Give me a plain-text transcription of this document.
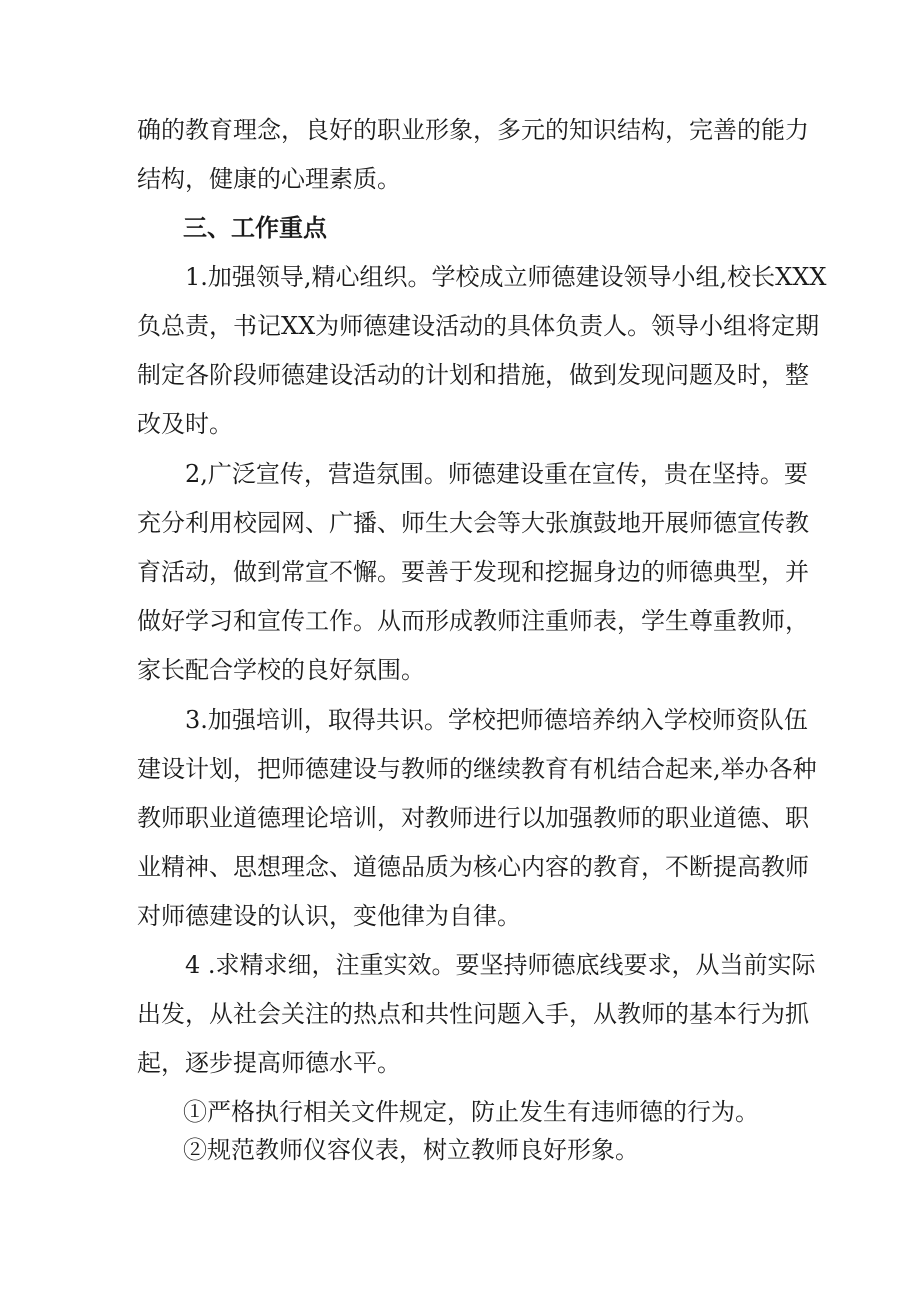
确的教育理念，良好的职业形象，多元的知识结构，完善的能力
结构，健康的心理素质。
三、工作重点
1.加强领导,精心组织。学校成立师德建设领导小组,校长XXX
负总责，书记XX为师德建设活动的具体负责人。领导小组将定期
制定各阶段师德建设活动的计划和措施，做到发现问题及时，整
改及时。
2,广泛宣传，营造氛围。师德建设重在宣传，贵在坚持。要
充分利用校园网、广播、师生大会等大张旗鼓地开展师德宣传教
育活动，做到常宣不懈。要善于发现和挖掘身边的师德典型，并
做好学习和宣传工作。从而形成教师注重师表，学生尊重教师，
家长配合学校的良好氛围。
3.加强培训，取得共识。学校把师德培养纳入学校师资队伍
建设计划，把师德建设与教师的继续教育有机结合起来,举办各种
教师职业道德理论培训，对教师进行以加强教师的职业道德、职
业精神、思想理念、道德品质为核心内容的教育，不断提高教师
对师德建设的认识，变他律为自律。
4 .求精求细，注重实效。要坚持师德底线要求，从当前实际
出发，从社会关注的热点和共性问题入手，从教师的基本行为抓
起，逐步提高师德水平。
①严格执行相关文件规定，防止发生有违师德的行为。
②规范教师仪容仪表，树立教师良好形象。
